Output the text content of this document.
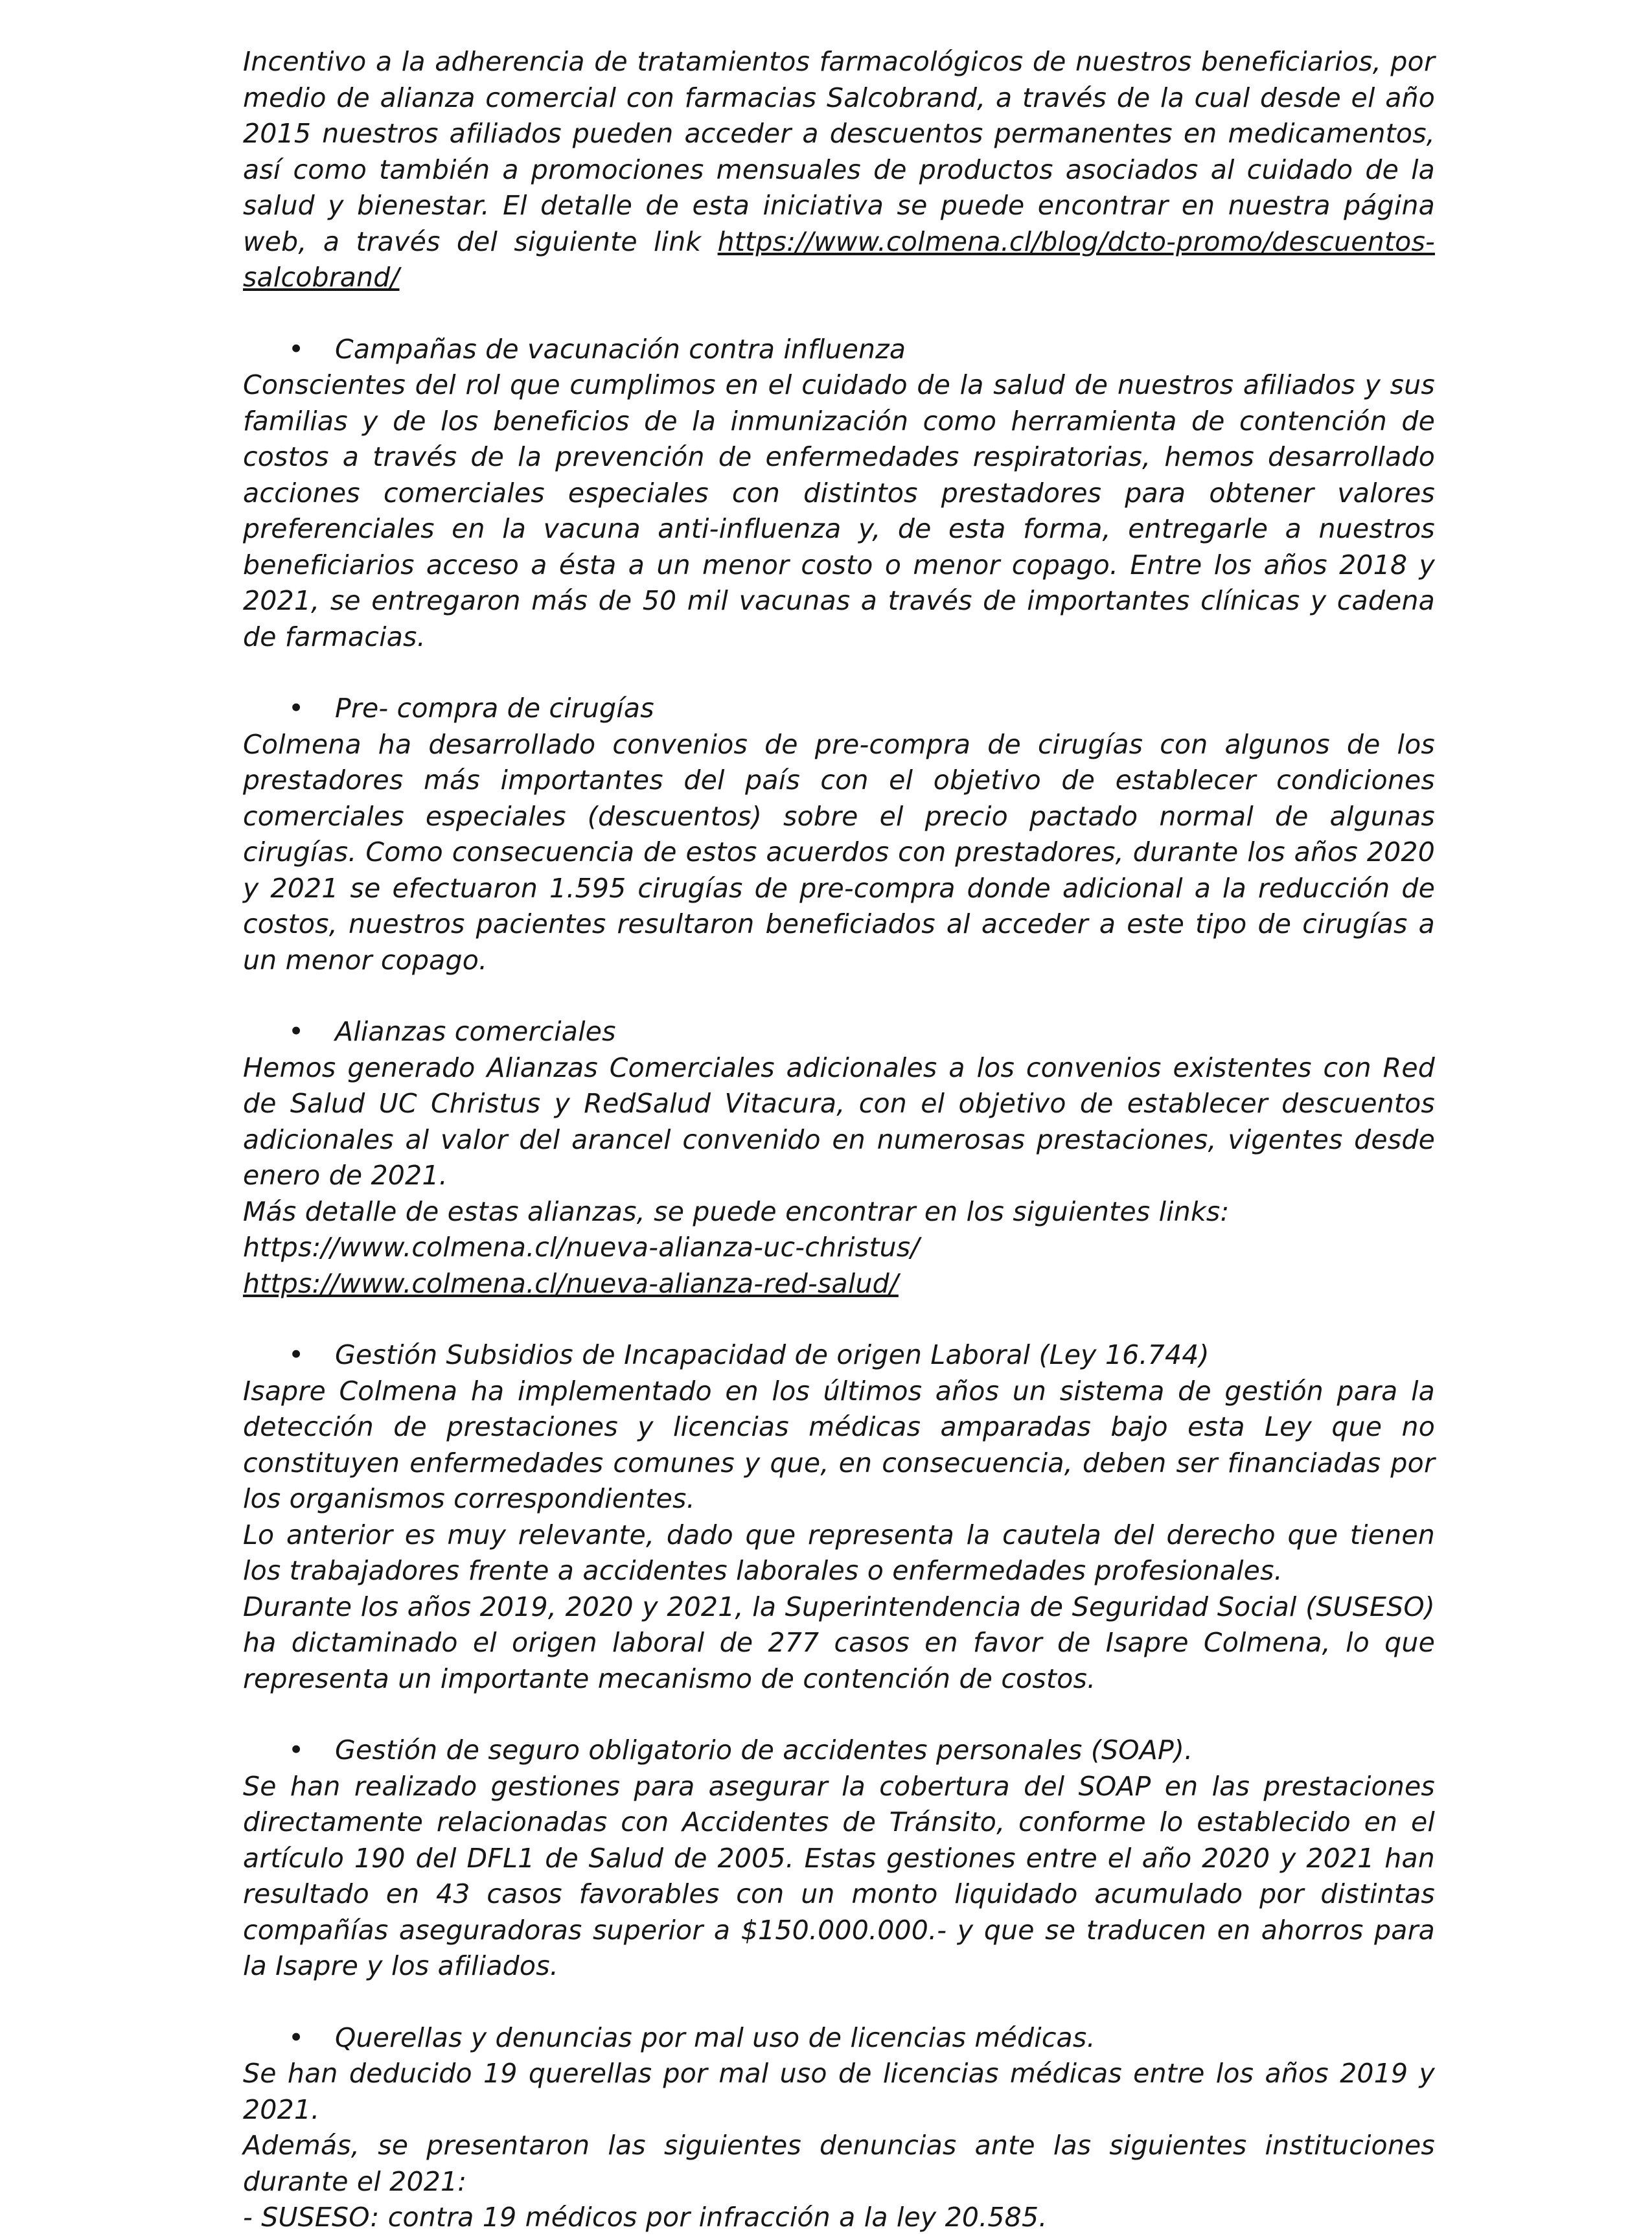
Incentivo a la adherencia de tratamientos farmacológicos de nuestros beneficiarios, por medio de alianza comercial con farmacias Salcobrand, a través de la cual desde el año 2015 nuestros afiliados pueden acceder a descuentos permanentes en medicamentos, así como también a promociones mensuales de productos asociados al cuidado de la salud y bienestar. El detalle de esta iniciativa se puede encontrar en nuestra página web, a través del siguiente link https://www.colmena.cl/blog/dcto-promo/descuentos-salcobrand/

• Campañas de vacunación contra influenza

Conscientes del rol que cumplimos en el cuidado de la salud de nuestros afiliados y sus familias y de los beneficios de la inmunización como herramienta de contención de costos a través de la prevención de enfermedades respiratorias, hemos desarrollado acciones comerciales especiales con distintos prestadores para obtener valores preferenciales en la vacuna anti-influenza y, de esta forma, entregarle a nuestros beneficiarios acceso a ésta a un menor costo o menor copago. Entre los años 2018 y 2021, se entregaron más de 50 mil vacunas a través de importantes clínicas y cadena de farmacias.

• Pre- compra de cirugías

Colmena ha desarrollado convenios de pre-compra de cirugías con algunos de los prestadores más importantes del país con el objetivo de establecer condiciones comerciales especiales (descuentos) sobre el precio pactado normal de algunas cirugías. Como consecuencia de estos acuerdos con prestadores, durante los años 2020 y 2021 se efectuaron 1.595 cirugías de pre-compra donde adicional a la reducción de costos, nuestros pacientes resultaron beneficiados al acceder a este tipo de cirugías a un menor copago.

• Alianzas comerciales

Hemos generado Alianzas Comerciales adicionales a los convenios existentes con Red de Salud UC Christus y RedSalud Vitacura, con el objetivo de establecer descuentos adicionales al valor del arancel convenido en numerosas prestaciones, vigentes desde enero de 2021.

Más detalle de estas alianzas, se puede encontrar en los siguientes links:

https://www.colmena.cl/nueva-alianza-uc-christus/
https://www.colmena.cl/nueva-alianza-red-salud/

• Gestión Subsidios de Incapacidad de origen Laboral (Ley 16.744)

Isapre Colmena ha implementado en los últimos años un sistema de gestión para la detección de prestaciones y licencias médicas amparadas bajo esta Ley que no constituyen enfermedades comunes y que, en consecuencia, deben ser financiadas por los organismos correspondientes.

Lo anterior es muy relevante, dado que representa la cautela del derecho que tienen los trabajadores frente a accidentes laborales o enfermedades profesionales.

Durante los años 2019, 2020 y 2021, la Superintendencia de Seguridad Social (SUSESO) ha dictaminado el origen laboral de 277 casos en favor de Isapre Colmena, lo que representa un importante mecanismo de contención de costos.

• Gestión de seguro obligatorio de accidentes personales (SOAP).

Se han realizado gestiones para asegurar la cobertura del SOAP en las prestaciones directamente relacionadas con Accidentes de Tránsito, conforme lo establecido en el artículo 190 del DFL1 de Salud de 2005. Estas gestiones entre el año 2020 y 2021 han resultado en 43 casos favorables con un monto liquidado acumulado por distintas compañías aseguradoras superior a $150.000.000.- y que se traducen en ahorros para la Isapre y los afiliados.

• Querellas y denuncias por mal uso de licencias médicas.

Se han deducido 19 querellas por mal uso de licencias médicas entre los años 2019 y 2021.

Además, se presentaron las siguientes denuncias ante las siguientes instituciones durante el 2021:

- SUSESO: contra 19 médicos por infracción a la ley 20.585.
